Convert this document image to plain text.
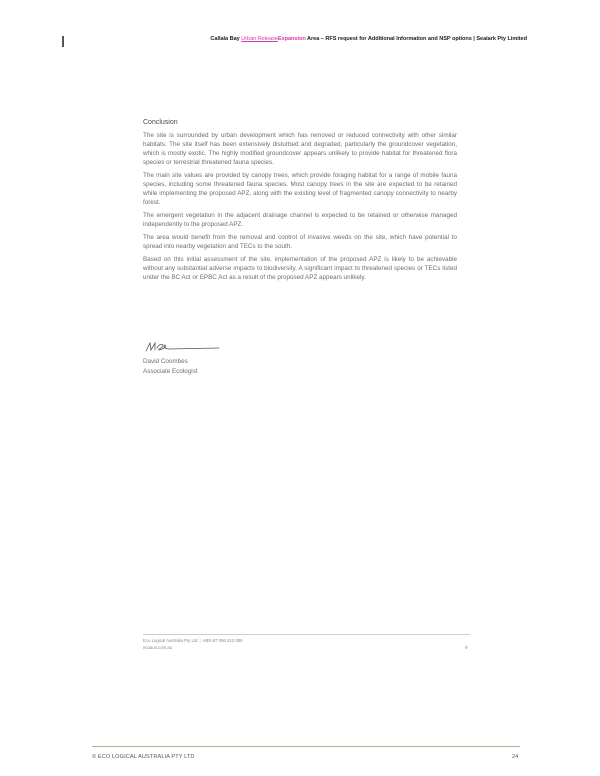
Callala Bay Urban ReleaseExpansion Area – RFS request for Additional Information and NSP options | Sealark Pty Limited
Conclusion

The site is surrounded by urban development which has removed or reduced connectivity with other similar habitats. The site itself has been extensively disturbed and degraded, particularly the groundcover vegetation, which is mostly exotic. The highly modified groundcover appears unlikely to provide habitat for threatened flora species or terrestrial threatened fauna species.

The main site values are provided by canopy trees, which provide foraging habitat for a range of mobile fauna species, including some threatened fauna species. Most canopy trees in the site are expected to be retained while implementing the proposed APZ, along with the existing level of fragmented canopy connectivity to nearby forest.

The emergent vegetation in the adjacent drainage channel is expected to be retained or otherwise managed independently to the proposed APZ.

The area would benefit from the removal and control of invasive weeds on the site, which have potential to spread into nearby vegetation and TECs to the south.

Based on this initial assessment of the site, implementation of the proposed APZ is likely to be achievable without any substantial adverse impacts to biodiversity. A significant impact to threatened species or TECs listed under the BC Act or EPBC Act as a result of the proposed APZ appears unlikely.

David Coombes
Associate Ecologist
Eco Logical Australia Pty Ltd | ABN 87 096 512 088
ecoaus.com.au	9
© ECO LOGICAL AUSTRALIA PTY LTD	24
